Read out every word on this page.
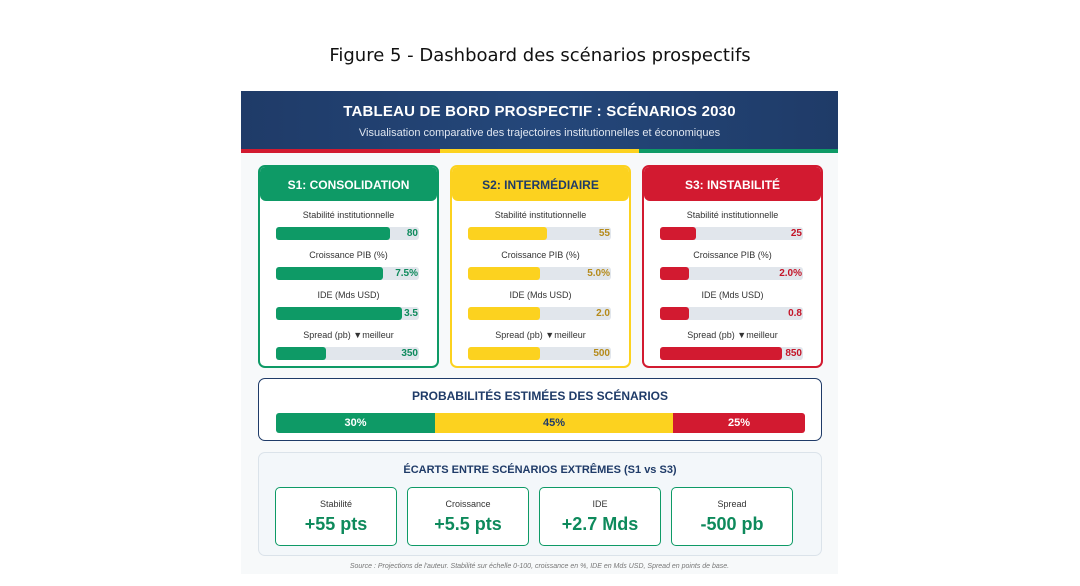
Figure 5 - Dashboard des scénarios prospectifs
TABLEAU DE BORD PROSPECTIF : SCÉNARIOS 2030
Visualisation comparative des trajectoires institutionnelles et économiques
S1: CONSOLIDATION
Stabilité institutionnelle
80
Croissance PIB (%)
7.5%
IDE (Mds USD)
3.5
Spread (pb) ▼meilleur
350
S2: INTERMÉDIAIRE
Stabilité institutionnelle
55
Croissance PIB (%)
5.0%
IDE (Mds USD)
2.0
Spread (pb) ▼meilleur
500
S3: INSTABILITÉ
Stabilité institutionnelle
25
Croissance PIB (%)
2.0%
IDE (Mds USD)
0.8
Spread (pb) ▼meilleur
850
PROBABILITÉS ESTIMÉES DES SCÉNARIOS
30%	45%	25%
ÉCARTS ENTRE SCÉNARIOS EXTRÊMES (S1 vs S3)
Stabilité
+55 pts
Croissance
+5.5 pts
IDE
+2.7 Mds
Spread
-500 pb
Source : Projections de l'auteur. Stabilité sur échelle 0-100, croissance en %, IDE en Mds USD, Spread en points de base.
